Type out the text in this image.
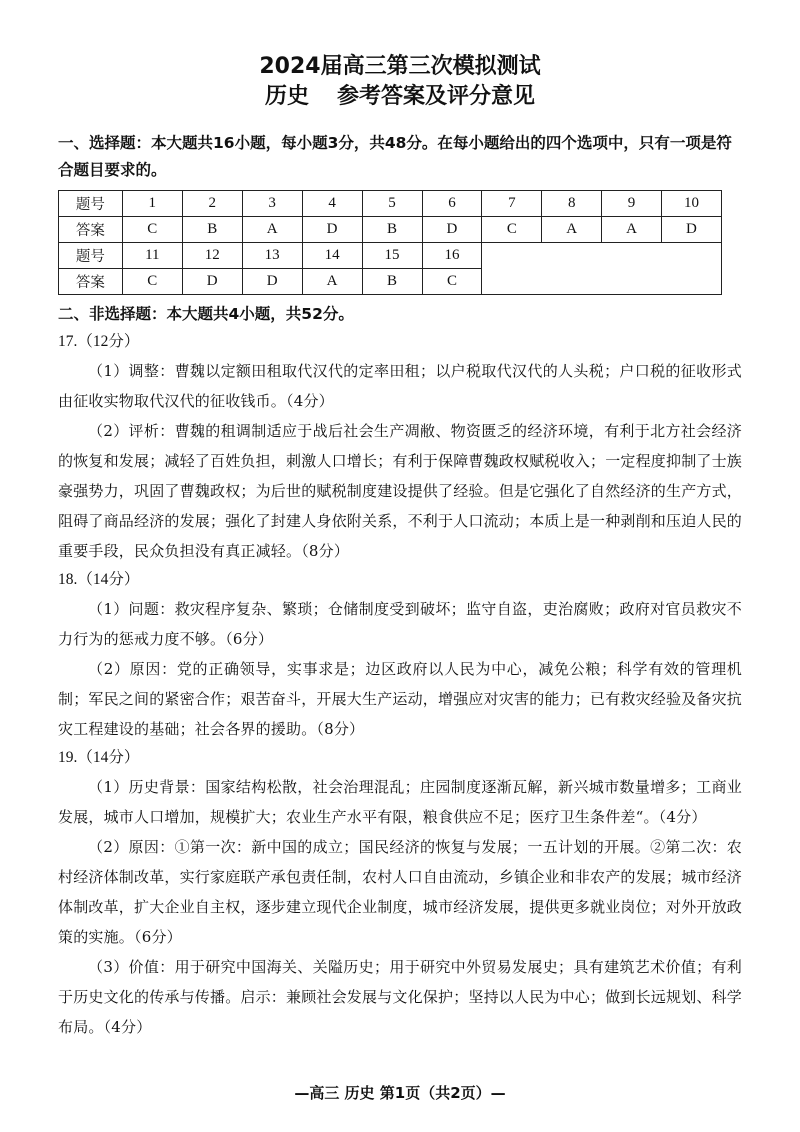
2024届高三第三次模拟测试
历史 参考答案及评分意见

一、选择题：本大题共16小题，每小题3分，共48分。在每小题给出的四个选项中，只有一项是符合题目要求的。

题号	1	2	3	4	5	6	7	8	9	10
答案	C	B	A	D	B	D	C	A	A	D
题号	11	12	13	14	15	16				
答案	C	D	D	A	B	C				

二、非选择题：本大题共4小题，共52分。

17.（12分）

（1）调整：曹魏以定额田租取代汉代的定率田租；以户税取代汉代的人头税；户口税的征收形式由征收实物取代汉代的征收钱币。（4分）

（2）评析：曹魏的租调制适应于战后社会生产凋敝、物资匮乏的经济环境，有利于北方社会经济的恢复和发展；减轻了百姓负担，刺激人口增长；有利于保障曹魏政权赋税收入；一定程度抑制了士族豪强势力，巩固了曹魏政权；为后世的赋税制度建设提供了经验。但是它强化了自然经济的生产方式，阻碍了商品经济的发展；强化了封建人身依附关系，不利于人口流动；本质上是一种剥削和压迫人民的重要手段，民众负担没有真正减轻。（8分）

18.（14分）

（1）问题：救灾程序复杂、繁琐；仓储制度受到破坏；监守自盗，吏治腐败；政府对官员救灾不力行为的惩戒力度不够。（6分）

（2）原因：党的正确领导，实事求是；边区政府以人民为中心，减免公粮；科学有效的管理机制；军民之间的紧密合作；艰苦奋斗，开展大生产运动，增强应对灾害的能力；已有救灾经验及备灾抗灾工程建设的基础；社会各界的援助。（8分）

19.（14分）

（1）历史背景：国家结构松散，社会治理混乱；庄园制度逐渐瓦解，新兴城市数量增多；工商业发展，城市人口增加，规模扩大；农业生产水平有限，粮食供应不足；医疗卫生条件差“。（4分）

（2）原因：①第一次：新中国的成立；国民经济的恢复与发展；一五计划的开展。②第二次：农村经济体制改革，实行家庭联产承包责任制，农村人口自由流动，乡镇企业和非农产的发展；城市经济体制改革，扩大企业自主权，逐步建立现代企业制度，城市经济发展，提供更多就业岗位；对外开放政策的实施。（6分）

（3）价值：用于研究中国海关、关隘历史；用于研究中外贸易发展史；具有建筑艺术价值；有利于历史文化的传承与传播。启示：兼顾社会发展与文化保护；坚持以人民为中心；做到长远规划、科学布局。（4分）

—高三 历史 第1页（共2页）—
